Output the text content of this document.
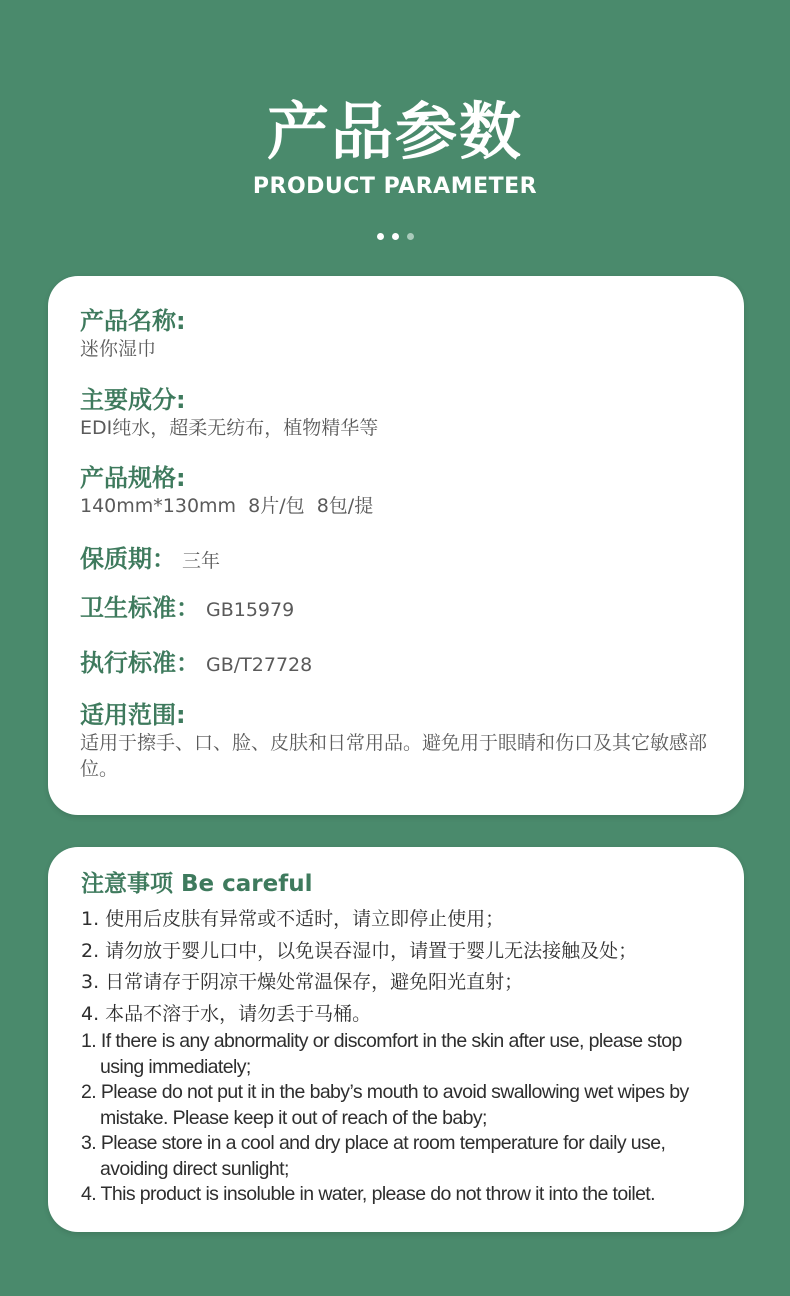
产品参数
PRODUCT PARAMETER
产品名称:
迷你湿巾
主要成分:
EDI纯水，超柔无纺布，植物精华等
产品规格:
140mm*130mm  8片/包  8包/提
保质期： 三年
卫生标准： GB15979
执行标准： GB/T27728
适用范围:
适用于擦手、口、脸、皮肤和日常用品。避免用于眼睛和伤口及其它敏感部位。
注意事项 Be careful
1. 使用后皮肤有异常或不适时，请立即停止使用；
2. 请勿放于婴儿口中，以免误吞湿巾，请置于婴儿无法接触及处；
3. 日常请存于阴凉干燥处常温保存，避免阳光直射；
4. 本品不溶于水，请勿丢于马桶。
1. If there is any abnormality or discomfort in the skin after use, please stop using immediately;
2. Please do not put it in the baby’s mouth to avoid swallowing wet wipes by mistake. Please keep it out of reach of the baby;
3. Please store in a cool and dry place at room temperature for daily use, avoiding direct sunlight;
4. This product is insoluble in water, please do not throw it into the toilet.
